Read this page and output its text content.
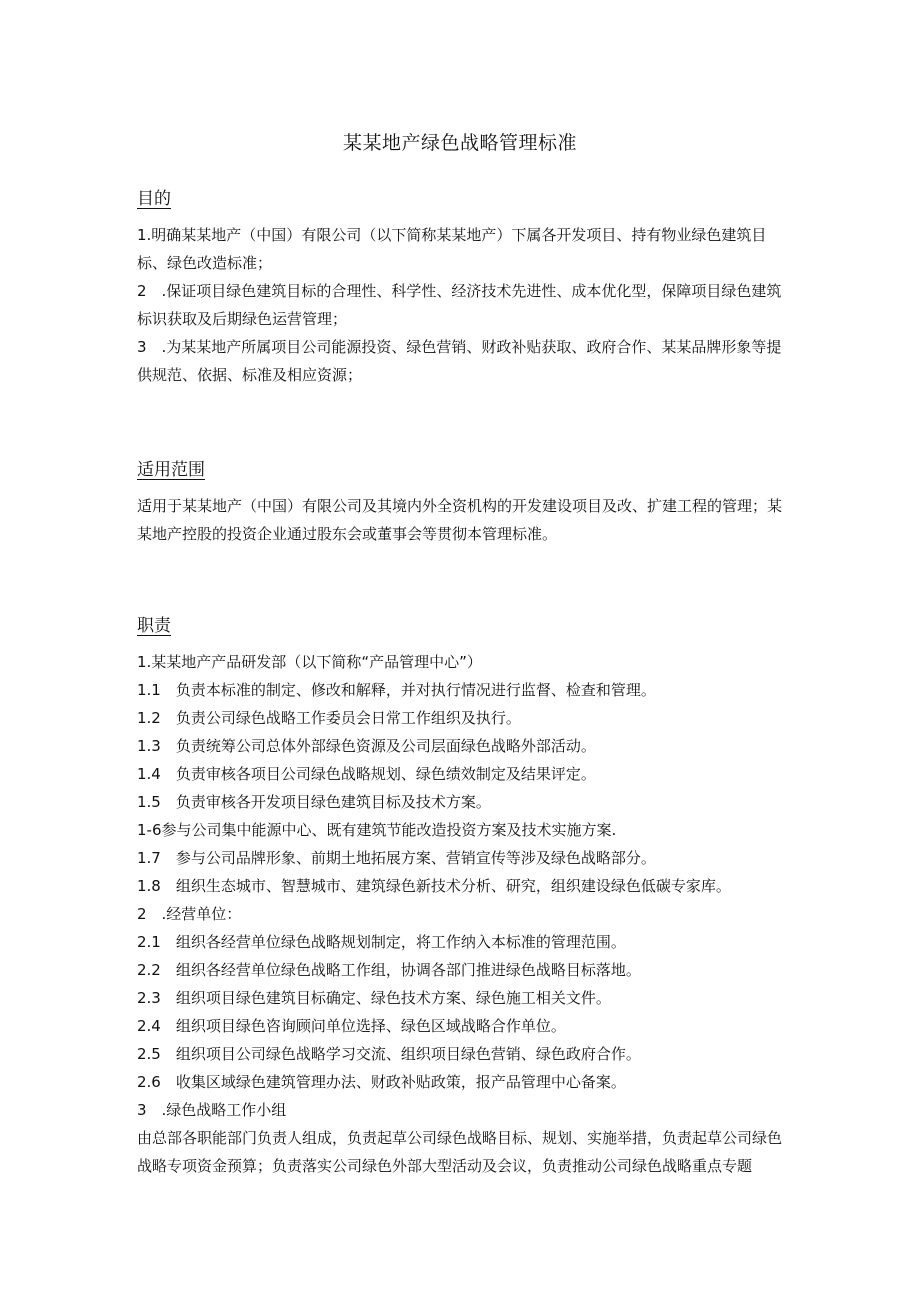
某某地产绿色战略管理标准
目的

1.明确某某地产（中国）有限公司（以下简称某某地产）下属各开发项目、持有物业绿色建筑目标、绿色改造标准；

2　.保证项目绿色建筑目标的合理性、科学性、经济技术先进性、成本优化型，保障项目绿色建筑标识获取及后期绿色运营管理；

3　.为某某地产所属项目公司能源投资、绿色营销、财政补贴获取、政府合作、某某品牌形象等提供规范、依据、标准及相应资源；

适用范围

适用于某某地产（中国）有限公司及其境内外全资机构的开发建设项目及改、扩建工程的管理；某某地产控股的投资企业通过股东会或董事会等贯彻本管理标准。

职责

1.某某地产产品研发部（以下简称“产品管理中心”）

1.1　负责本标准的制定、修改和解释，并对执行情况进行监督、检查和管理。

1.2　负责公司绿色战略工作委员会日常工作组织及执行。

1.3　负责统筹公司总体外部绿色资源及公司层面绿色战略外部活动。

1.4　负责审核各项目公司绿色战略规划、绿色绩效制定及结果评定。

1.5　负责审核各开发项目绿色建筑目标及技术方案。

1-6参与公司集中能源中心、既有建筑节能改造投资方案及技术实施方案.

1.7　参与公司品牌形象、前期土地拓展方案、营销宣传等涉及绿色战略部分。

1.8　组织生态城市、智慧城市、建筑绿色新技术分析、研究，组织建设绿色低碳专家库。

2　.经营单位：

2.1　组织各经营单位绿色战略规划制定，将工作纳入本标准的管理范围。

2.2　组织各经营单位绿色战略工作组，协调各部门推进绿色战略目标落地。

2.3　组织项目绿色建筑目标确定、绿色技术方案、绿色施工相关文件。

2.4　组织项目绿色咨询顾问单位选择、绿色区域战略合作单位。

2.5　组织项目公司绿色战略学习交流、组织项目绿色营销、绿色政府合作。

2.6　收集区域绿色建筑管理办法、财政补贴政策，报产品管理中心备案。

3　.绿色战略工作小组

由总部各职能部门负责人组成，负责起草公司绿色战略目标、规划、实施举措，负责起草公司绿色战略专项资金预算；负责落实公司绿色外部大型活动及会议，负责推动公司绿色战略重点专题
